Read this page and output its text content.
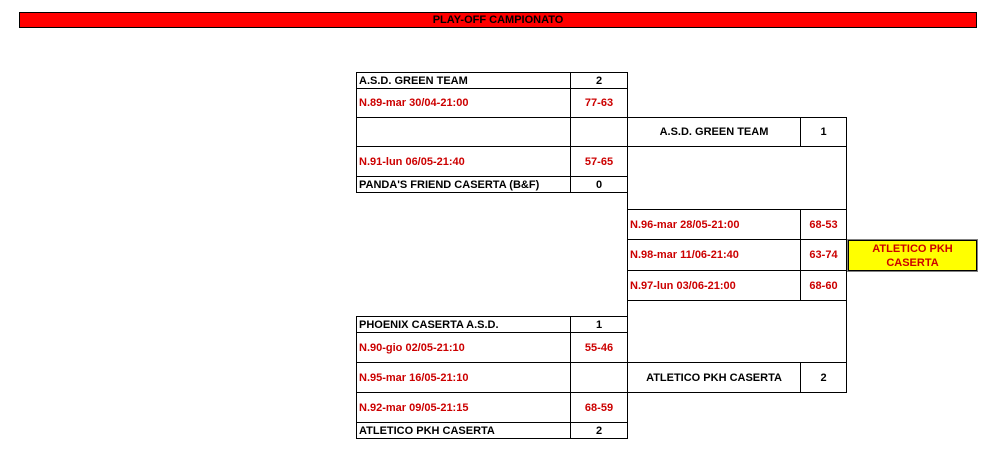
PLAY-OFF CAMPIONATO
A.S.D. GREEN TEAM	2
N.89-mar 30/04-21:00	77-63
N.91-lun 06/05-21:40	57-65
PANDA'S FRIEND CASERTA (B&F)	0
PHOENIX CASERTA A.S.D.	1
N.90-gio 02/05-21:10	55-46
N.95-mar 16/05-21:10
N.92-mar 09/05-21:15	68-59
ATLETICO PKH CASERTA	2
A.S.D. GREEN TEAM	1
N.96-mar 28/05-21:00	68-53
N.98-mar 11/06-21:40	63-74
N.97-lun 03/06-21:00	68-60
ATLETICO PKH CASERTA	2
ATLETICO PKH CASERTA
